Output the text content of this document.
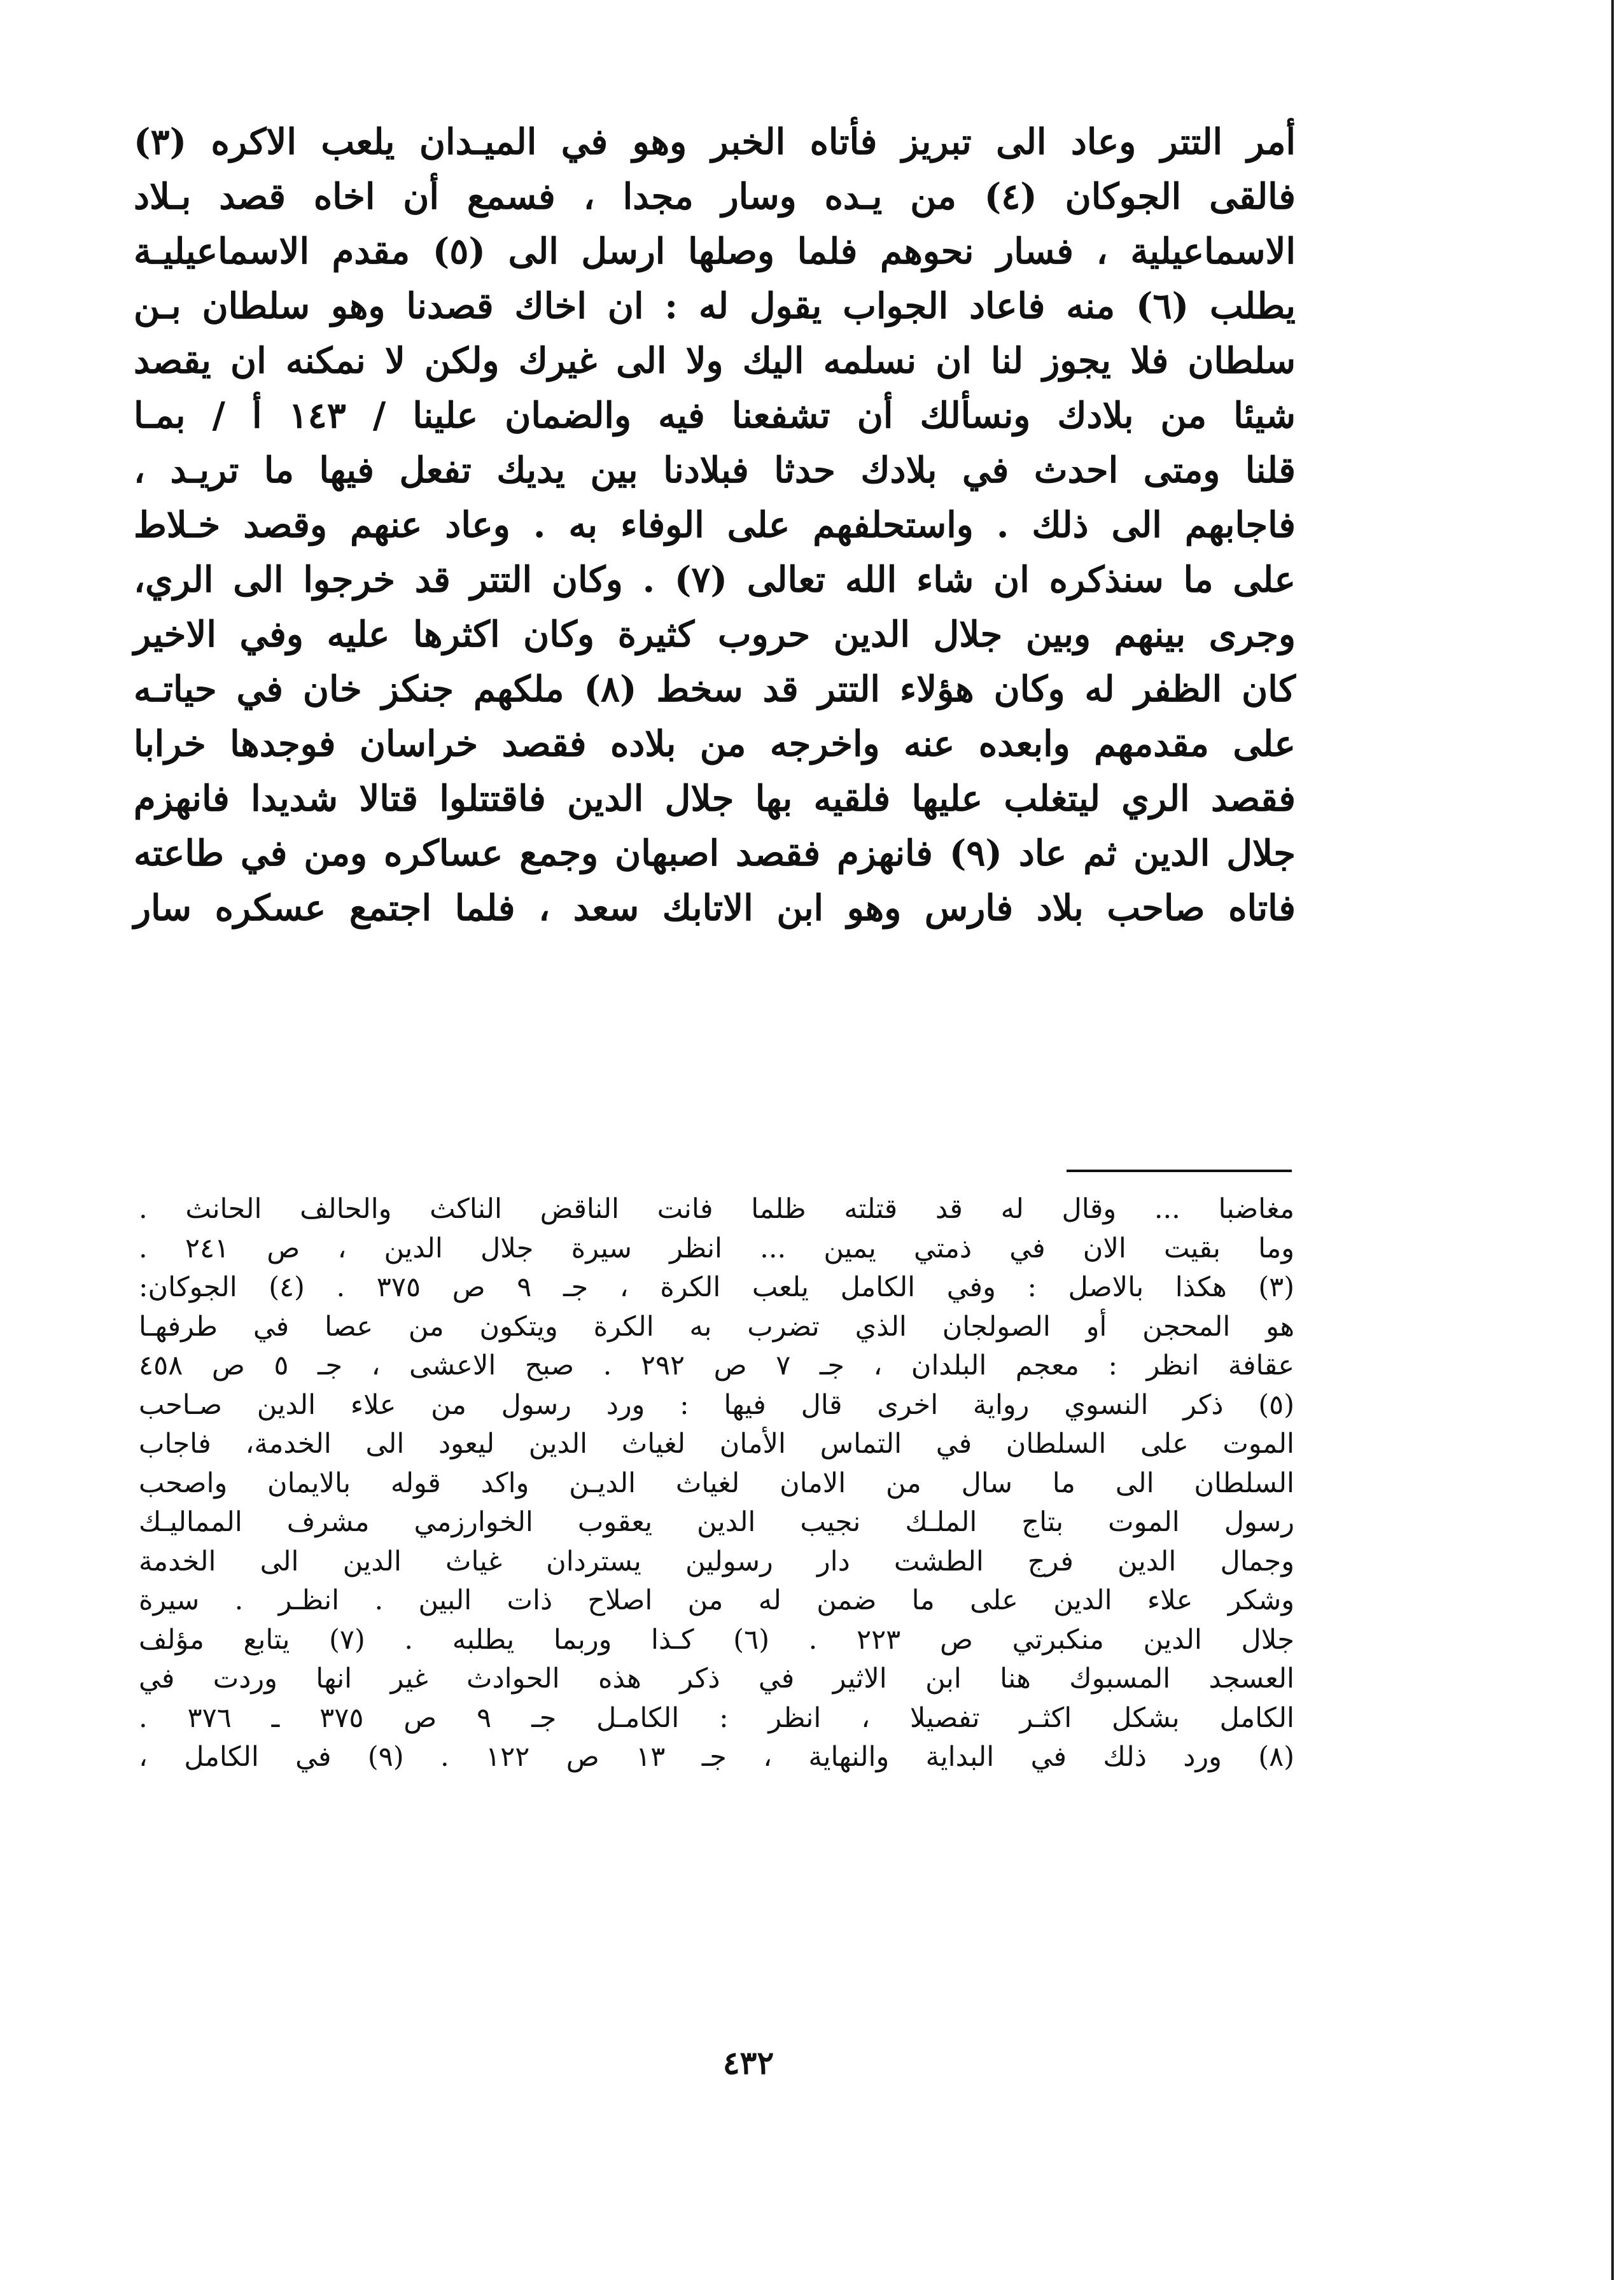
أمر التتر وعاد الى تبريز فأتاه الخبر وهو في الميـدان يلعب الاكره (٣)
فالقى الجوكان (٤) من يـده وسار مجدا ، فسمع أن اخاه قصد بـلاد
الاسماعيلية ، فسار نحوهم فلما وصلها ارسل الى (٥) مقدم الاسماعيليـة
يطلب (٦) منه فاعاد الجواب يقول له : ان اخاك قصدنا وهو سلطان بـن
سلطان فلا يجوز لنا ان نسلمه اليك ولا الى غيرك ولكن لا نمكنه ان يقصد
شيئا من بلادك ونسألك أن تشفعنا فيه والضمان علينا / ١٤٣ أ / بمـا
قلنا ومتى احدث في بلادك حدثا فبلادنا بين يديك تفعل فيها ما تريـد ،
فاجابهم الى ذلك . واستحلفهم على الوفاء به . وعاد عنهم وقصد خـلاط
على ما سنذكره ان شاء الله تعالى (٧) . وكان التتر قد خرجوا الى الري،
وجرى بينهم وبين جلال الدين حروب كثيرة وكان اكثرها عليه وفي الاخير
كان الظفر له وكان هؤلاء التتر قد سخط (٨) ملكهم جنكز خان في حياتـه
على مقدمهم وابعده عنه واخرجه من بلاده فقصد خراسان فوجدها خرابا
فقصد الري ليتغلب عليها فلقيه بها جلال الدين فاقتتلوا قتالا شديدا فانهزم
جلال الدين ثم عاد (٩) فانهزم فقصد اصبهان وجمع عساكره ومن في طاعته
فاتاه صاحب بلاد فارس وهو ابن الاتابك سعد ، فلما اجتمع عسكره سار
مغاضبا ... وقال له قد قتلته ظلما فانت الناقض الناكث والحالف الحانث .
وما بقيت الان في ذمتي يمين ... انظر سيرة جلال الدين ، ص ٢٤١ .
(٣) هكذا بالاصل : وفي الكامل يلعب الكرة ، جـ ٩ ص ٣٧٥ . (٤) الجوكان:
هو المحجن أو الصولجان الذي تضرب به الكرة ويتكون من عصا في طرفهـا
عقافة انظر : معجم البلدان ، جـ ٧ ص ٢٩٢ . صبح الاعشى ، جـ ٥ ص ٤٥٨
(٥) ذكر النسوي رواية اخرى قال فيها : ورد رسول من علاء الدين صـاحب
الموت على السلطان في التماس الأمان لغياث الدين ليعود الى الخدمة، فاجاب
السلطان الى ما سال من الامان لغياث الديـن واكد قوله بالايمان واصحب
رسول الموت بتاج الملـك نجيب الدين يعقوب الخوارزمي مشرف المماليـك
وجمال الدين فرج الطشت دار رسولين يستردان غياث الدين الى الخدمة
وشكر علاء الدين على ما ضمن له من اصلاح ذات البين . انظـر . سيرة
جلال الدين منكبرتي ص ٢٢٣ . (٦) كـذا وربما يطلبه . (٧) يتابع مؤلف
العسجد المسبوك هنا ابن الاثير في ذكر هذه الحوادث غير انها وردت في
الكامل بشكل اكثـر تفصيلا ، انظر : الكامـل جـ ٩ ص ٣٧٥ ـ ٣٧٦ .
(٨) ورد ذلك في البداية والنهاية ، جـ ١٣ ص ١٢٢ . (٩) في الكامل ،
٤٣٢
